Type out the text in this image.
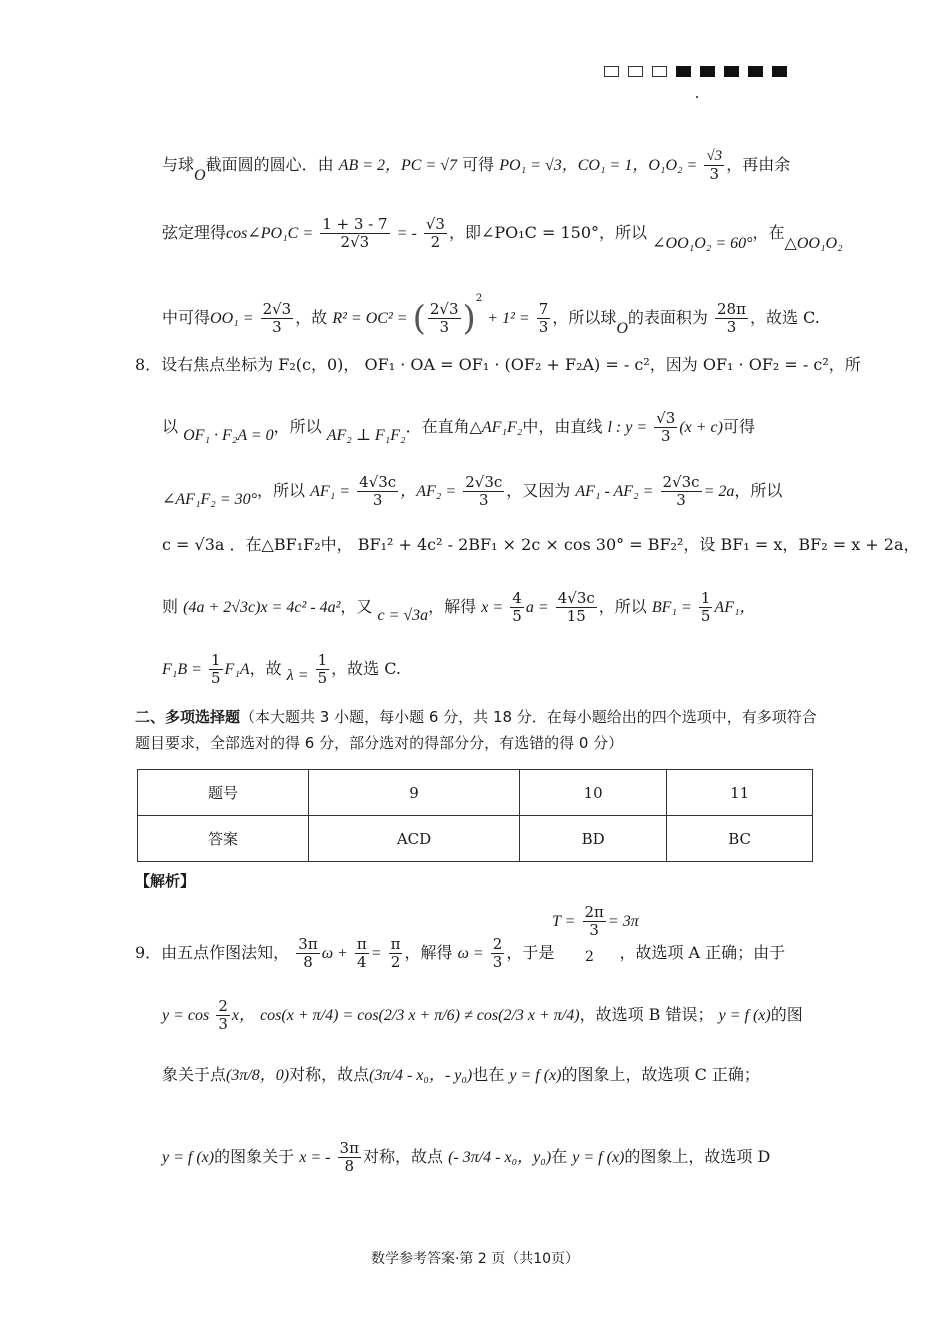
与球O截面圆的圆心．由 AB = 2，PC = √7 可得 PO₁ = √3，CO₁ = 1，$O_1O_2 = \frac{√3}{3}$ ，再由余
弦定理得cos∠PO₁C = $\frac{1 + 3 - 7}{2√3}$ = - $\frac{√3}{2}$ ，即∠PO₁C = 150°，所以 ∠OO₁O₂ = 60°，在△OO₁O₂
中可得$OO_1 = \frac{2√3}{3}$ ，故 R² = OC² = ( $\frac{2√3}{3} )^2 + 1^2 = \frac{7}{3}$ ，所以球O的表面积为 $\frac{28\pi}{3}$ ，故选 C.
8．设右焦点坐标为 F₂(c，0)， OF₁ · OA = OF₁ · (OF₂ + F₂A) = - c²，因为 OF₁ · OF₂ = - c²，所
以 OF₁ · F₂A = 0，所以 AF₂ ⊥ F₁F₂．在直角△AF₁F₂中，由直线 l : $y = \frac{√3}{3} (x + c)$可得
∠AF₁F₂ = 30°，所以 $AF_1 = \frac{4√3c}{3}$ ，$AF_2 = \frac{2√3c}{3}$ ，又因为 $AF_1 - AF_2 = \frac{2√3c}{3} = 2a$，所以
c = √3a ．在△BF₁F₂中， BF₁² + 4c² - 2BF₁ × 2c × cos 30° = BF₂²，设 BF₁ = x，BF₂ = x + 2a，
则 (4a + 2√3c)x = 4c² - 4a²，又 c = √3a，解得 $x = \frac{4}{5}$ $a = \frac{4√3c}{15}$ ，所以 $BF_1 = \frac{1}{5} AF_1$，
$F_1B = \frac{1}{5} F_1A$，故 $\lambda = \frac{1}{5}$ ，故选 C.
二、多项选择题（本大题共 3 小题，每小题 6 分，共 18 分．在每小题给出的四个选项中，有多项符合题目要求，全部选对的得 6 分，部分选对的得部分分，有选错的得 0 分）
题号	9	10	11
答案	ACD	BD	BC
【解析】
$T = \frac{2\pi}{3} = 3\pi$
2
9．由五点作图法知， $\frac{3\pi}{8}$ $\omega + \frac{\pi}{4} = \frac{\pi}{2}$ ，解得 $\omega = \frac{2}{3}$ ，于是	，故选项 A 正确；由于
$y = \cos \frac{2}{3}$ x， cos(x + π/4) = cos(2/3 x + π/6) ≠ cos(2/3 x + π/4)，故选项 B 错误； y = f (x)的图
象关于点(3π/8，0)对称，故点(3π/4 - x₀，- y₀)也在 y = f (x)的图象上，故选项 C 正确；
y = f (x)的图象关于 x = - $\frac{3\pi}{8}$ 对称，故点 (- 3π/4 - x₀，y₀)在 y = f (x)的图象上，故选项 D
数学参考答案·第 2 页（共10页）
